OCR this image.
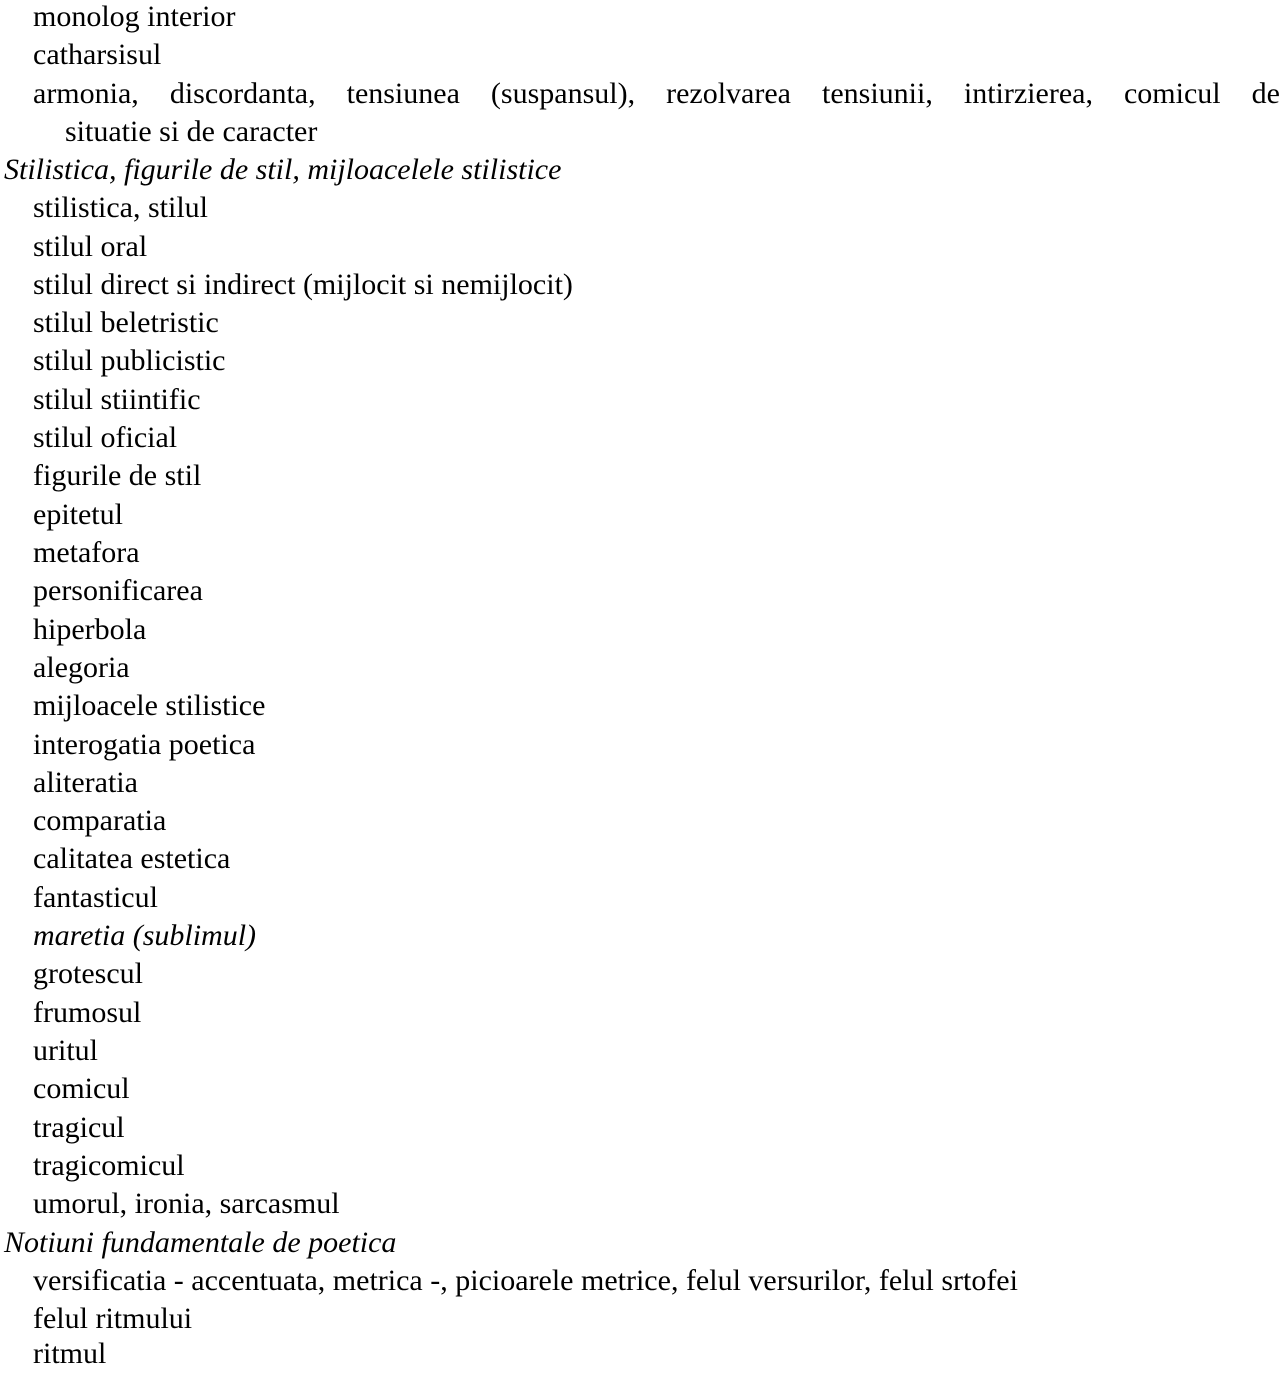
monolog interior
catharsisul
armonia, discordanta, tensiunea (suspansul), rezolvarea tensiunii, intirzierea, comicul de
situatie si de caracter
Stilistica, figurile de stil, mijloacelele stilistice
stilistica, stilul
stilul oral
stilul direct si indirect (mijlocit si nemijlocit)
stilul beletristic
stilul publicistic
stilul stiintific
stilul oficial
figurile de stil
epitetul
metafora
personificarea
hiperbola
alegoria
mijloacele stilistice
interogatia poetica
aliteratia
comparatia
calitatea estetica
fantasticul
maretia (sublimul)
grotescul
frumosul
uritul
comicul
tragicul
tragicomicul
umorul, ironia, sarcasmul
Notiuni fundamentale de poetica
versificatia - accentuata, metrica -, picioarele metrice, felul versurilor, felul srtofei
felul ritmului
ritmul
